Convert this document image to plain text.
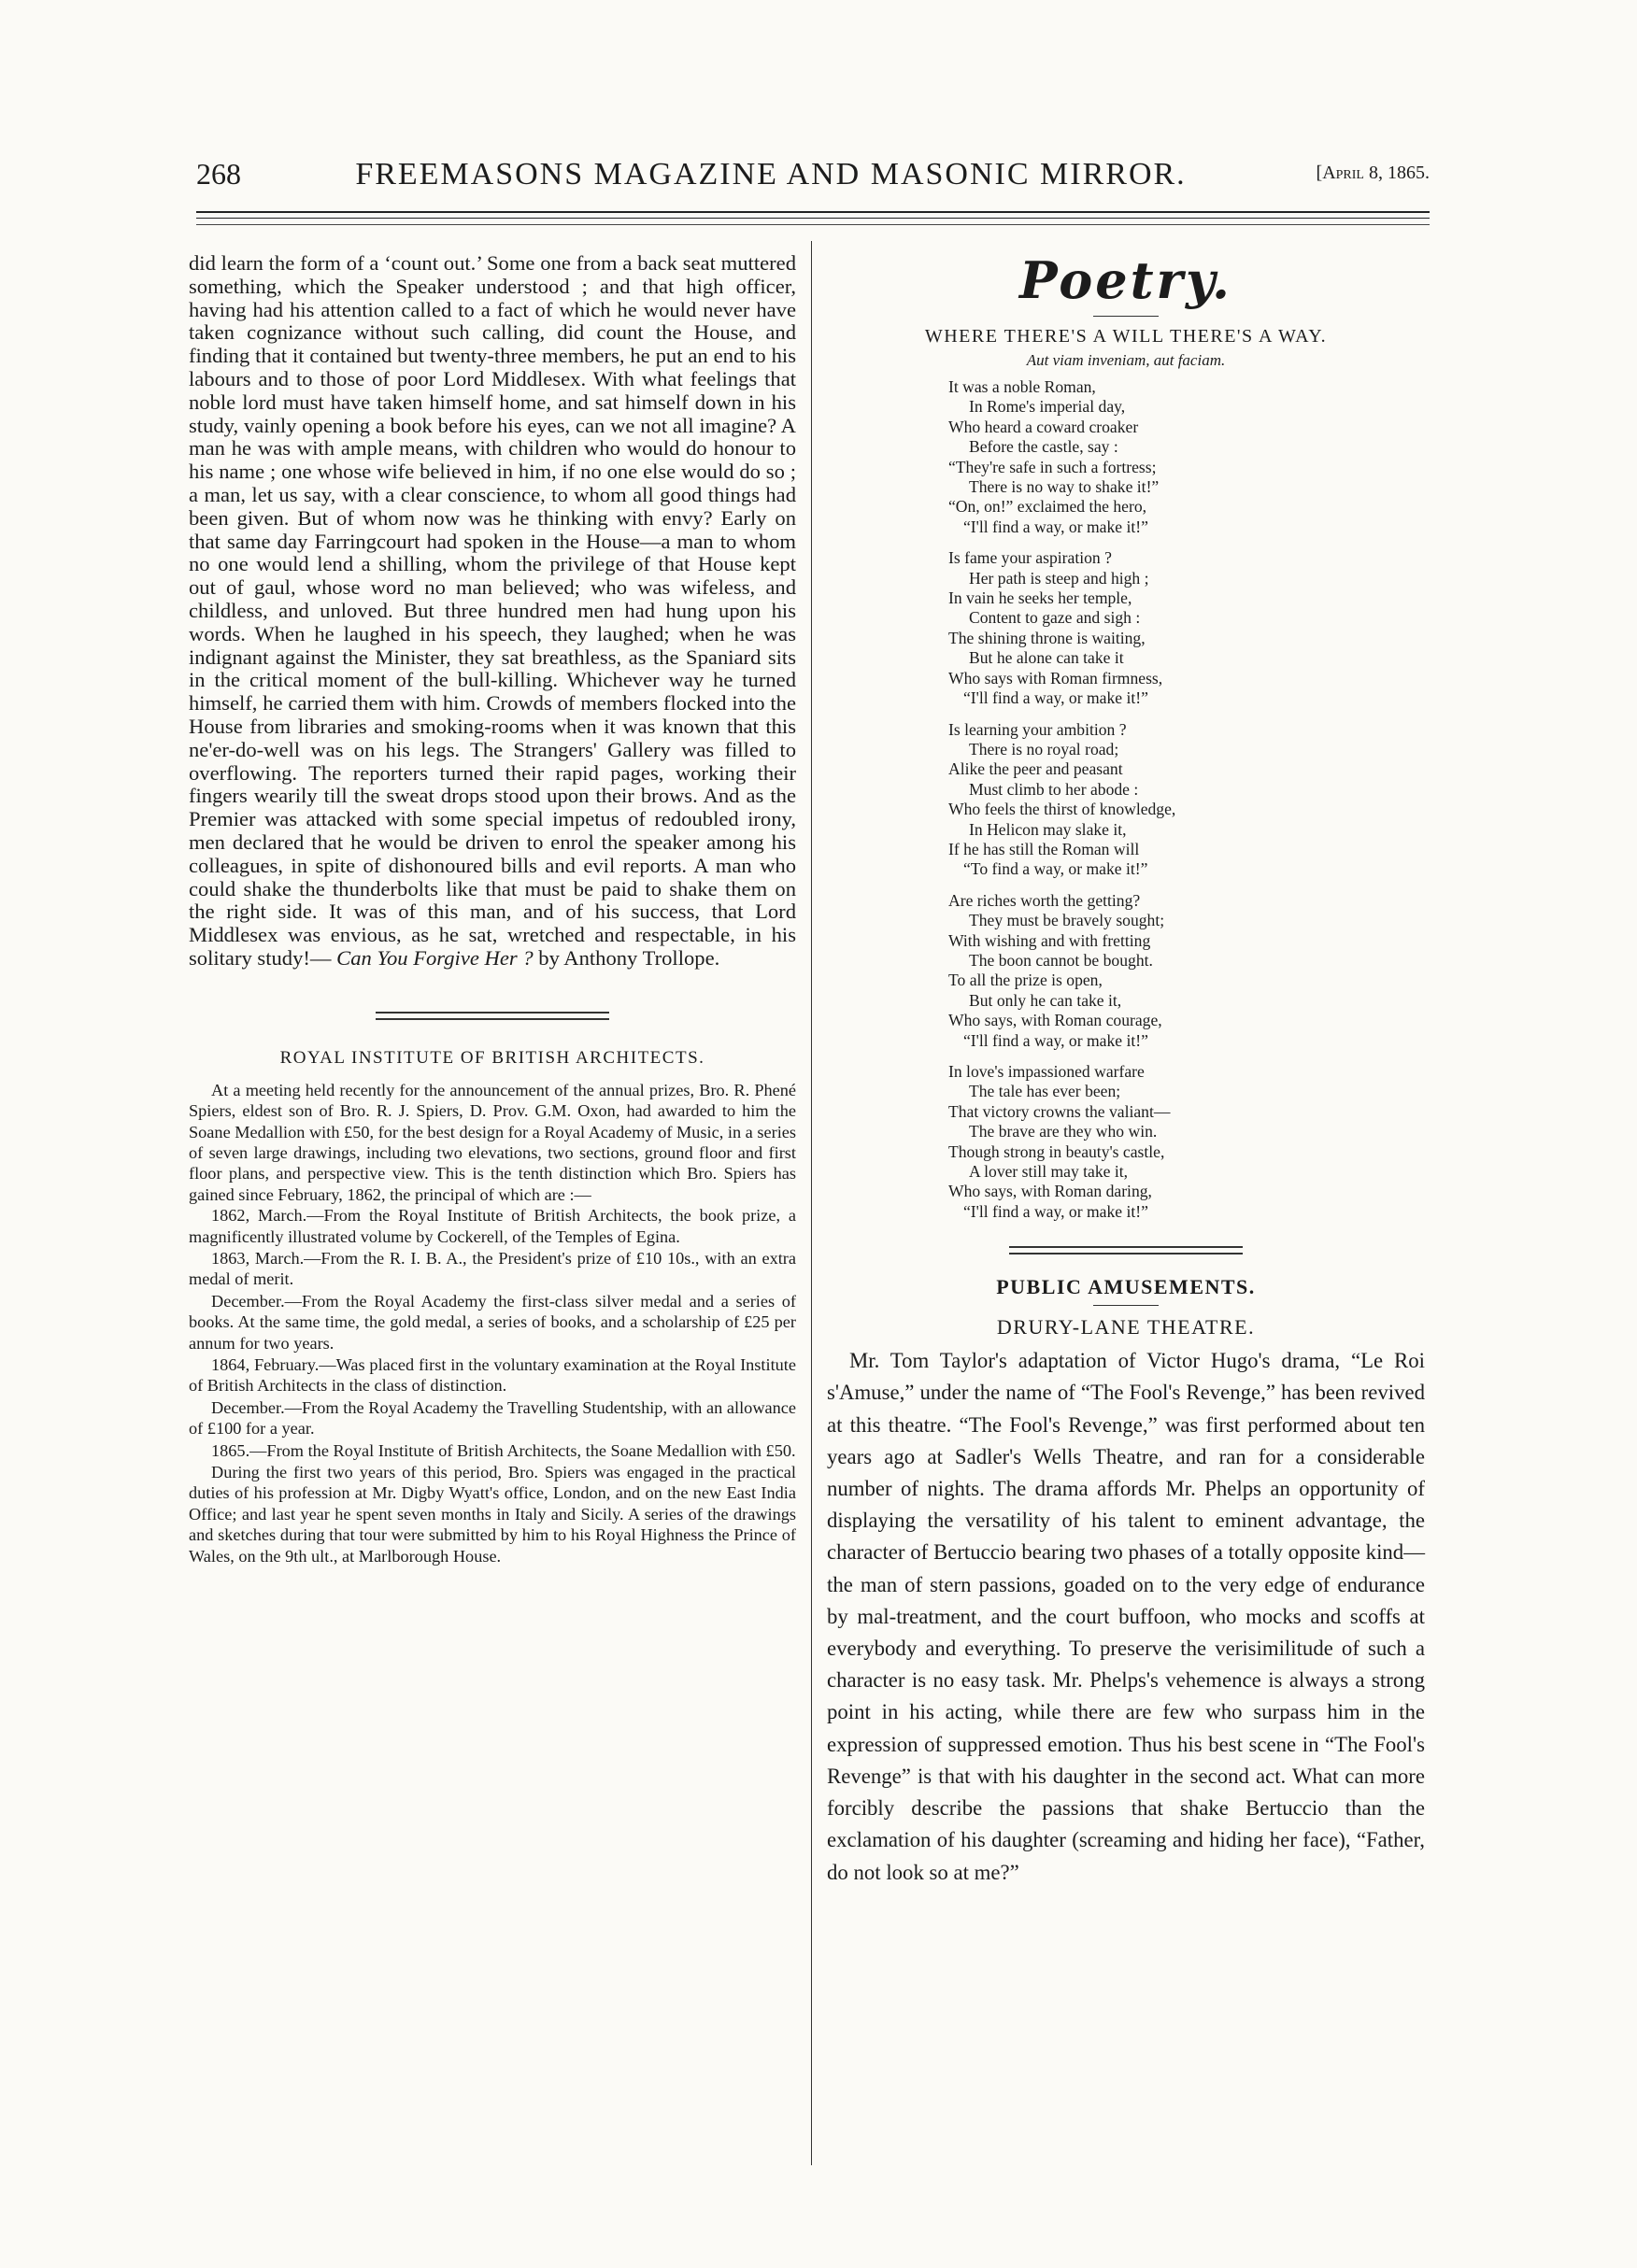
268	FREEMASONS MAGAZINE AND MASONIC MIRROR.	[April 8, 1865.

did learn the form of a ‘count out.’ Some one from a back seat muttered something, which the Speaker understood ; and that high officer, having had his attention called to a fact of which he would never have taken cognizance without such calling, did count the House, and finding that it contained but twenty-three members, he put an end to his labours and to those of poor Lord Middlesex. With what feelings that noble lord must have taken himself home, and sat himself down in his study, vainly opening a book before his eyes, can we not all imagine? A man he was with ample means, with children who would do honour to his name ; one whose wife believed in him, if no one else would do so ; a man, let us say, with a clear conscience, to whom all good things had been given. But of whom now was he thinking with envy? Early on that same day Farringcourt had spoken in the House—a man to whom no one would lend a shilling, whom the privilege of that House kept out of gaul, whose word no man believed; who was wifeless, and childless, and unloved. But three hundred men had hung upon his words. When he laughed in his speech, they laughed; when he was indignant against the Minister, they sat breathless, as the Spaniard sits in the critical moment of the bull-killing. Whichever way he turned himself, he carried them with him. Crowds of members flocked into the House from libraries and smoking-rooms when it was known that this ne'er-do-well was on his legs. The Strangers' Gallery was filled to overflowing. The reporters turned their rapid pages, working their fingers wearily till the sweat drops stood upon their brows. And as the Premier was attacked with some special impetus of redoubled irony, men declared that he would be driven to enrol the speaker among his colleagues, in spite of dishonoured bills and evil reports. A man who could shake the thunderbolts like that must be paid to shake them on the right side. It was of this man, and of his success, that Lord Middlesex was envious, as he sat, wretched and respectable, in his solitary study!— Can You Forgive Her ? by Anthony Trollope.

ROYAL INSTITUTE OF BRITISH ARCHITECTS.

At a meeting held recently for the announcement of the annual prizes, Bro. R. Phené Spiers, eldest son of Bro. R. J. Spiers, D. Prov. G.M. Oxon, had awarded to him the Soane Medallion with £50, for the best design for a Royal Academy of Music, in a series of seven large drawings, including two elevations, two sections, ground floor and first floor plans, and perspective view. This is the tenth distinction which Bro. Spiers has gained since February, 1862, the principal of which are :—

1862, March.—From the Royal Institute of British Architects, the book prize, a magnificently illustrated volume by Cockerell, of the Temples of Egina.

1863, March.—From the R. I. B. A., the President's prize of £10 10s., with an extra medal of merit.

December.—From the Royal Academy the first-class silver medal and a series of books. At the same time, the gold medal, a series of books, and a scholarship of £25 per annum for two years.

1864, February.—Was placed first in the voluntary examination at the Royal Institute of British Architects in the class of distinction.

December.—From the Royal Academy the Travelling Studentship, with an allowance of £100 for a year.

1865.—From the Royal Institute of British Architects, the Soane Medallion with £50.

During the first two years of this period, Bro. Spiers was engaged in the practical duties of his profession at Mr. Digby Wyatt's office, London, and on the new East India Office; and last year he spent seven months in Italy and Sicily. A series of the drawings and sketches during that tour were submitted by him to his Royal Highness the Prince of Wales, on the 9th ult., at Marlborough House.

Poetry.
WHERE THERE'S A WILL THERE'S A WAY.
Aut viam inveniam, aut faciam.
It was a noble Roman,
In Rome's imperial day,
Who heard a coward croaker
Before the castle, say :
“They're safe in such a fortress;
There is no way to shake it!”
“On, on!” exclaimed the hero,
“I'll find a way, or make it!”
Is fame your aspiration ?
Her path is steep and high ;
In vain he seeks her temple,
Content to gaze and sigh :
The shining throne is waiting,
But he alone can take it
Who says with Roman firmness,
“I'll find a way, or make it!”
Is learning your ambition ?
There is no royal road;
Alike the peer and peasant
Must climb to her abode :
Who feels the thirst of knowledge,
In Helicon may slake it,
If he has still the Roman will
“To find a way, or make it!”
Are riches worth the getting?
They must be bravely sought;
With wishing and with fretting
The boon cannot be bought.
To all the prize is open,
But only he can take it,
Who says, with Roman courage,
“I'll find a way, or make it!”
In love's impassioned warfare
The tale has ever been;
That victory crowns the valiant—
The brave are they who win.
Though strong in beauty's castle,
A lover still may take it,
Who says, with Roman daring,
“I'll find a way, or make it!”
PUBLIC AMUSEMENTS.
DRURY-LANE THEATRE.

Mr. Tom Taylor's adaptation of Victor Hugo's drama, “Le Roi s'Amuse,” under the name of “The Fool's Revenge,” has been revived at this theatre. “The Fool's Revenge,” was first performed about ten years ago at Sadler's Wells Theatre, and ran for a considerable number of nights. The drama affords Mr. Phelps an opportunity of displaying the versatility of his talent to eminent advantage, the character of Bertuccio bearing two phases of a totally opposite kind—the man of stern passions, goaded on to the very edge of endurance by mal-treatment, and the court buffoon, who mocks and scoffs at everybody and everything. To preserve the verisimilitude of such a character is no easy task. Mr. Phelps's vehemence is always a strong point in his acting, while there are few who surpass him in the expression of suppressed emotion. Thus his best scene in “The Fool's Revenge” is that with his daughter in the second act. What can more forcibly describe the passions that shake Bertuccio than the exclamation of his daughter (screaming and hiding her face), “Father, do not look so at me?”
